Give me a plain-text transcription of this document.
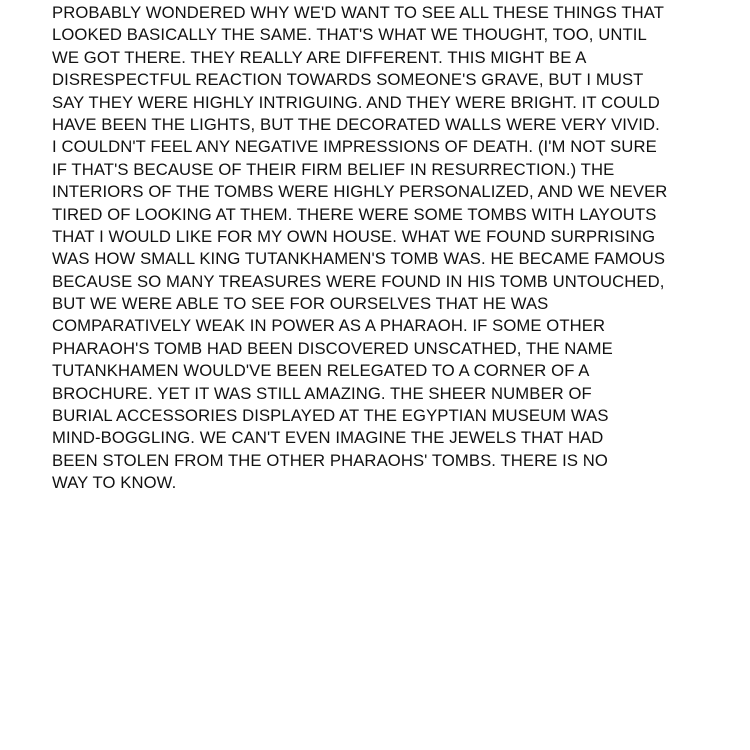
PROBABLY WONDERED WHY WE'D WANT TO SEE ALL THESE THINGS THAT
LOOKED BASICALLY THE SAME. THAT'S WHAT WE THOUGHT, TOO, UNTIL
WE GOT THERE. THEY REALLY ARE DIFFERENT. THIS MIGHT BE A
DISRESPECTFUL REACTION TOWARDS SOMEONE'S GRAVE, BUT I MUST
SAY THEY WERE HIGHLY INTRIGUING. AND THEY WERE BRIGHT. IT COULD
HAVE BEEN THE LIGHTS, BUT THE DECORATED WALLS WERE VERY VIVID.
I COULDN'T FEEL ANY NEGATIVE IMPRESSIONS OF DEATH. (I'M NOT SURE
IF THAT'S BECAUSE OF THEIR FIRM BELIEF IN RESURRECTION.) THE
INTERIORS OF THE TOMBS WERE HIGHLY PERSONALIZED, AND WE NEVER
TIRED OF LOOKING AT THEM. THERE WERE SOME TOMBS WITH LAYOUTS
THAT I WOULD LIKE FOR MY OWN HOUSE. WHAT WE FOUND SURPRISING
WAS HOW SMALL KING TUTANKHAMEN'S TOMB WAS. HE BECAME FAMOUS
BECAUSE SO MANY TREASURES WERE FOUND IN HIS TOMB UNTOUCHED,
BUT WE WERE ABLE TO SEE FOR OURSELVES THAT HE WAS
COMPARATIVELY WEAK IN POWER AS A PHARAOH. IF SOME OTHER
PHARAOH'S TOMB HAD BEEN DISCOVERED UNSCATHED, THE NAME
TUTANKHAMEN WOULD'VE BEEN RELEGATED TO A CORNER OF A
BROCHURE. YET IT WAS STILL AMAZING. THE SHEER NUMBER OF
BURIAL ACCESSORIES DISPLAYED AT THE EGYPTIAN MUSEUM WAS
MIND-BOGGLING. WE CAN'T EVEN IMAGINE THE JEWELS THAT HAD
BEEN STOLEN FROM THE OTHER PHARAOHS' TOMBS. THERE IS NO
WAY TO KNOW.
